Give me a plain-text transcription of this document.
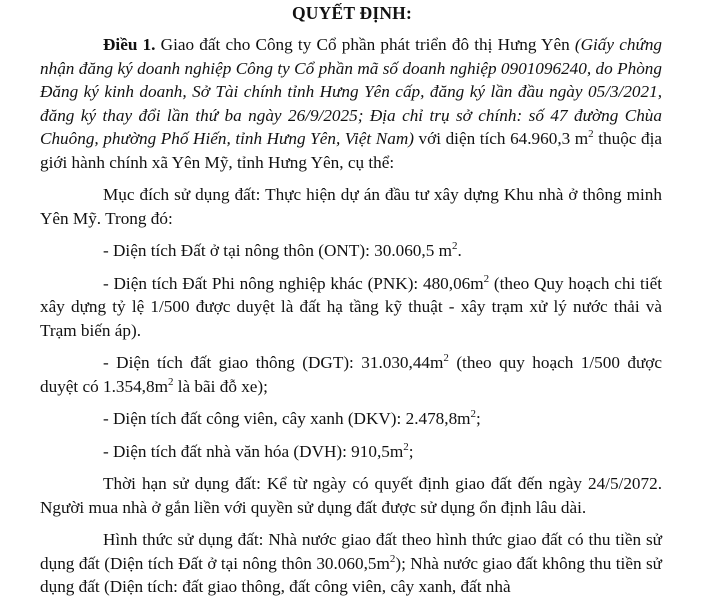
QUYẾT ĐỊNH:

Điều 1. Giao đất cho Công ty Cổ phần phát triển đô thị Hưng Yên (Giấy chứng nhận đăng ký doanh nghiệp Công ty Cổ phần mã số doanh nghiệp 0901096240, do Phòng Đăng ký kinh doanh, Sở Tài chính tỉnh Hưng Yên cấp, đăng ký lần đầu ngày 05/3/2021, đăng ký thay đổi lần thứ ba ngày 26/9/2025; Địa chỉ trụ sở chính: số 47 đường Chùa Chuông, phường Phố Hiến, tỉnh Hưng Yên, Việt Nam) với diện tích 64.960,3 $m^2$ thuộc địa giới hành chính xã Yên Mỹ, tỉnh Hưng Yên, cụ thể:

Mục đích sử dụng đất: Thực hiện dự án đầu tư xây dựng Khu nhà ở thông minh Yên Mỹ. Trong đó:

- Diện tích Đất ở tại nông thôn (ONT): 30.060,5 $m^2$.

- Diện tích Đất Phi nông nghiệp khác (PNK): $480,06m^2$ (theo Quy hoạch chi tiết xây dựng tỷ lệ 1/500 được duyệt là đất hạ tầng kỹ thuật - xây trạm xử lý nước thải và Trạm biến áp).

- Diện tích đất giao thông (DGT): $31.030,44m^2$ (theo quy hoạch 1/500 được duyệt có $1.354,8m^2$ là bãi đỗ xe);

- Diện tích đất công viên, cây xanh (DKV): $2.478,8m^2$;

- Diện tích đất nhà văn hóa (DVH): $910,5m^2$;

Thời hạn sử dụng đất: Kể từ ngày có quyết định giao đất đến ngày 24/5/2072. Người mua nhà ở gắn liền với quyền sử dụng đất được sử dụng ổn định lâu dài.

Hình thức sử dụng đất: Nhà nước giao đất theo hình thức giao đất có thu tiền sử dụng đất (Diện tích Đất ở tại nông thôn $30.060,5m^2$); Nhà nước giao đất không thu tiền sử dụng đất (Diện tích: đất giao thông, đất công viên, cây xanh, đất nhà
